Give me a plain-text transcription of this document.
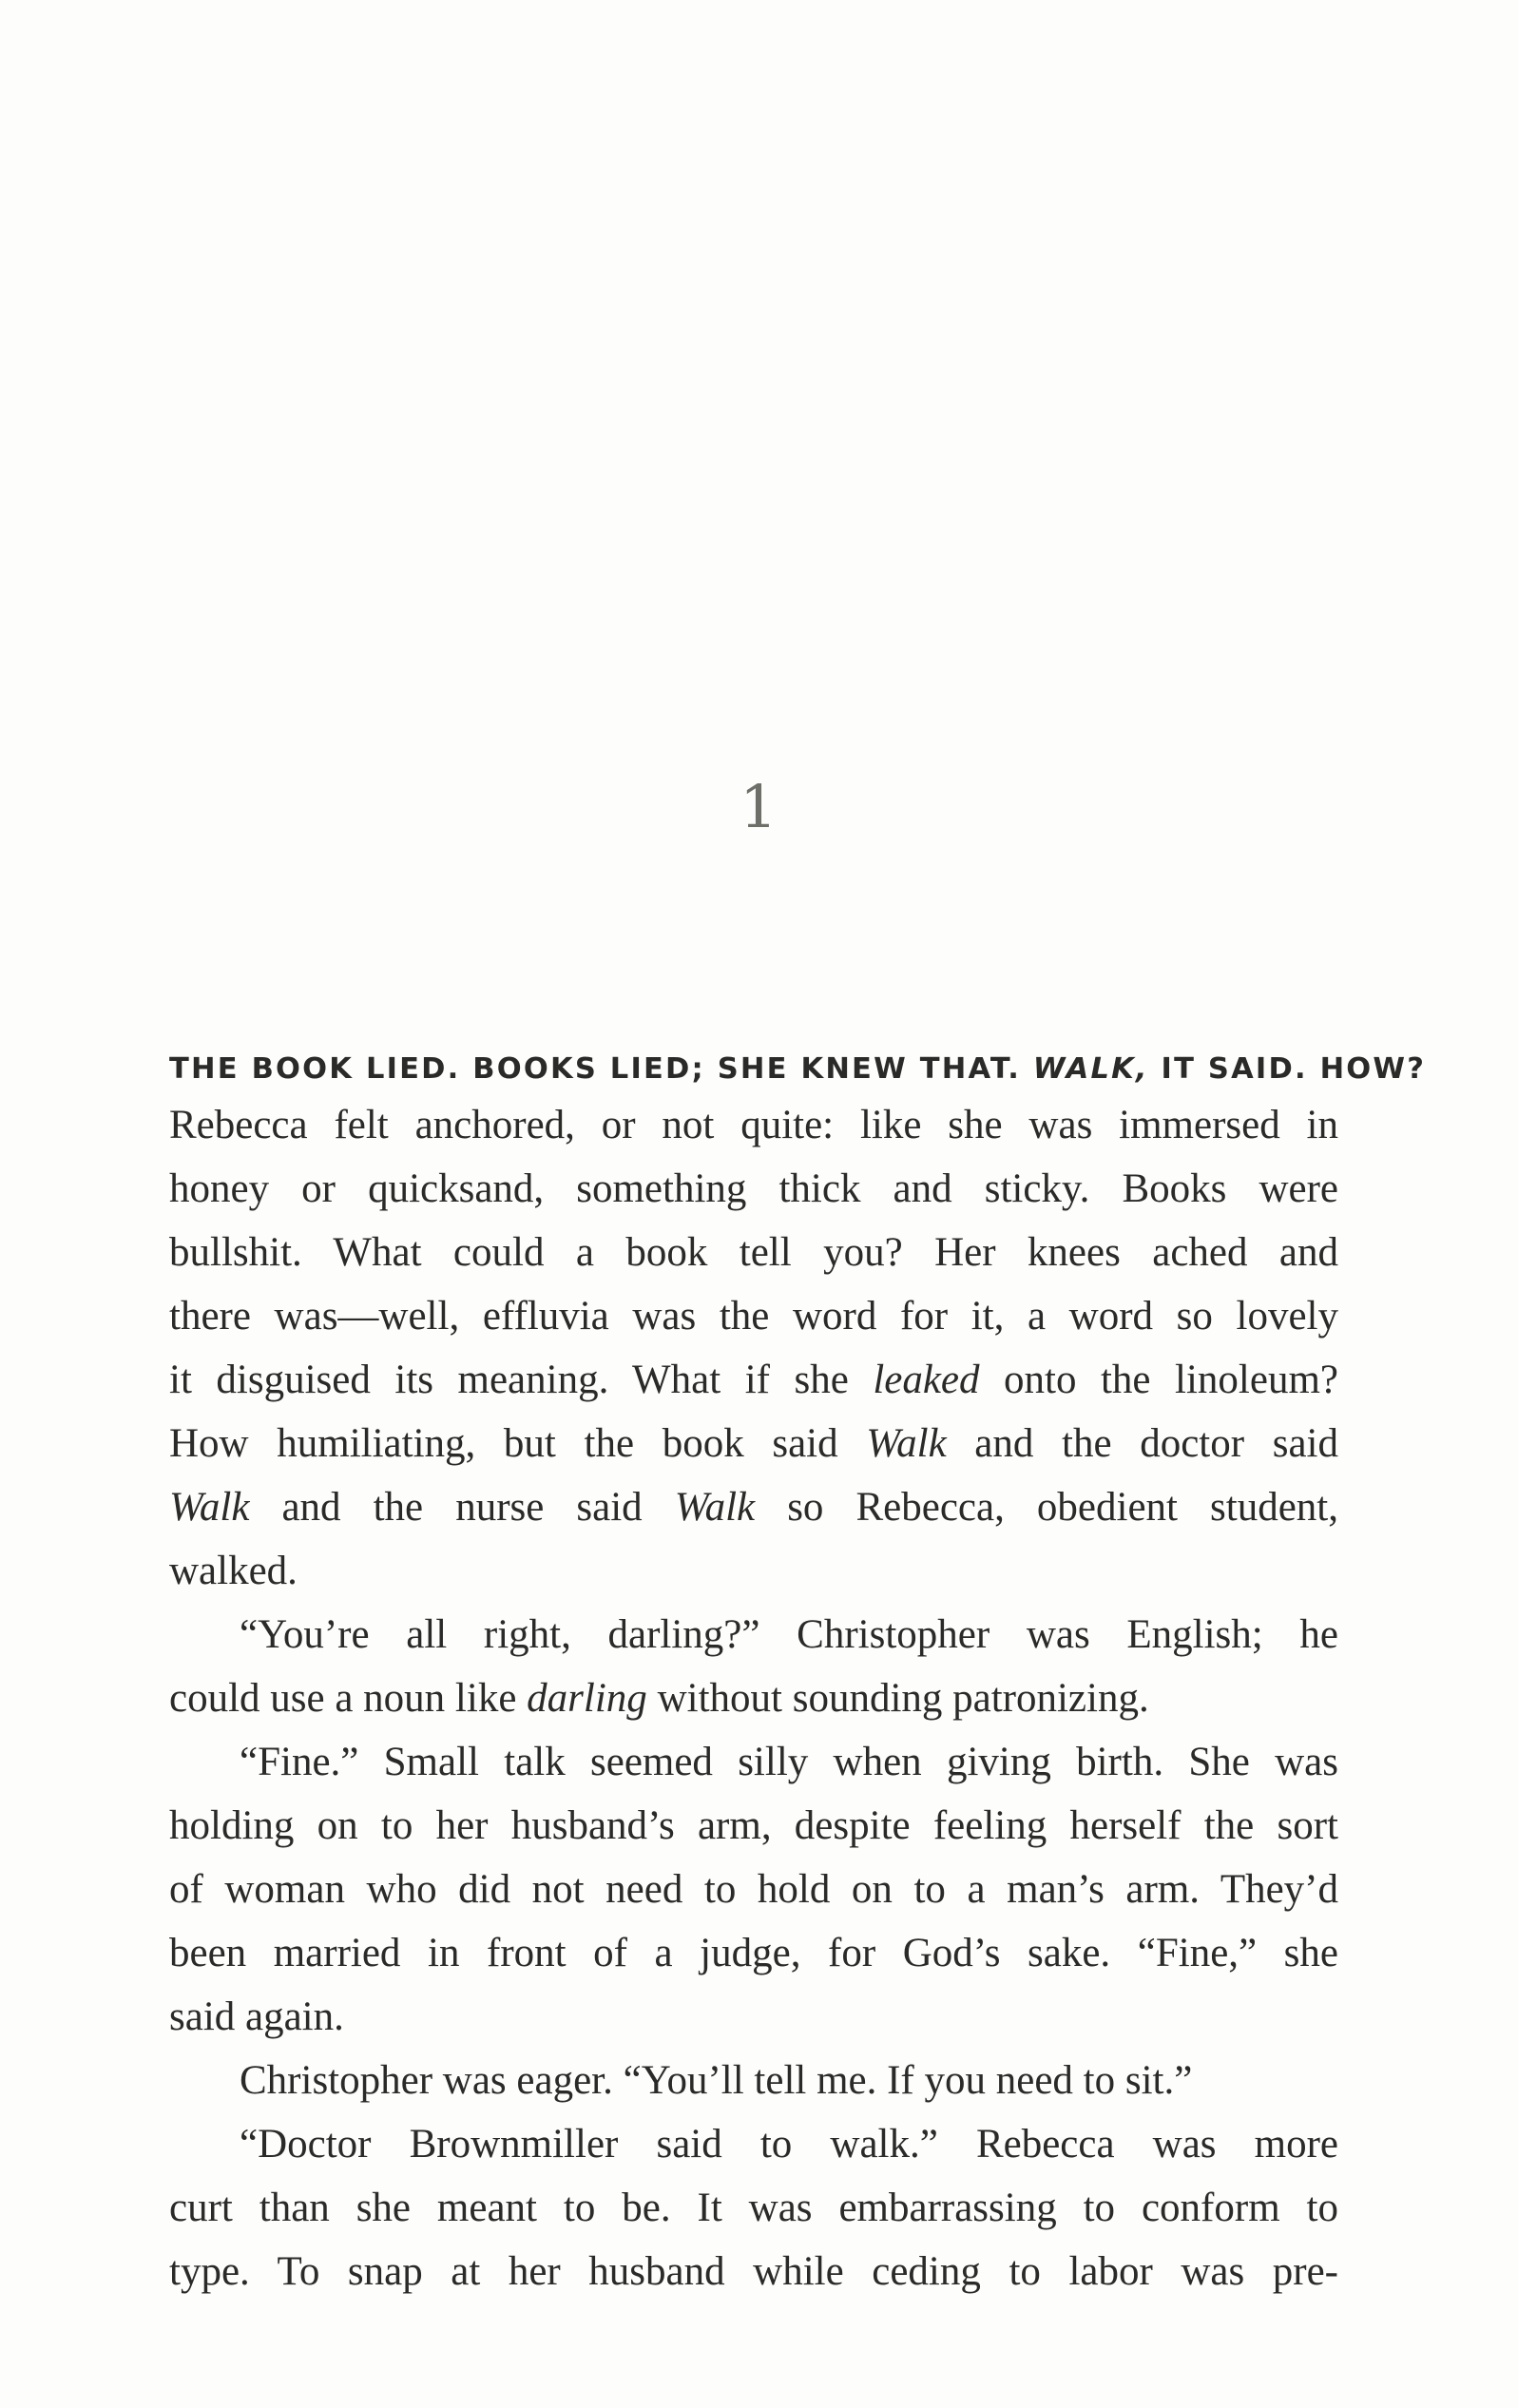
1

THE BOOK LIED. BOOKS LIED; SHE KNEW THAT. WALK, IT SAID. HOW?

Rebecca felt anchored, or not quite: like she was immersed in

honey or quicksand, something thick and sticky. Books were

bullshit. What could a book tell you? Her knees ached and

there was—well, effluvia was the word for it, a word so lovely

it disguised its meaning. What if she leaked onto the linoleum?

How humiliating, but the book said Walk and the doctor said

Walk and the nurse said Walk so Rebecca, obedient student,

walked.

“You’re all right, darling?” Christopher was English; he

could use a noun like darling without sounding patronizing.

“Fine.” Small talk seemed silly when giving birth. She was

holding on to her husband’s arm, despite feeling herself the sort

of woman who did not need to hold on to a man’s arm. They’d

been married in front of a judge, for God’s sake. “Fine,” she

said again.

Christopher was eager. “You’ll tell me. If you need to sit.”

“Doctor Brownmiller said to walk.” Rebecca was more

curt than she meant to be. It was embarrassing to conform to

type. To snap at her husband while ceding to labor was pre-
